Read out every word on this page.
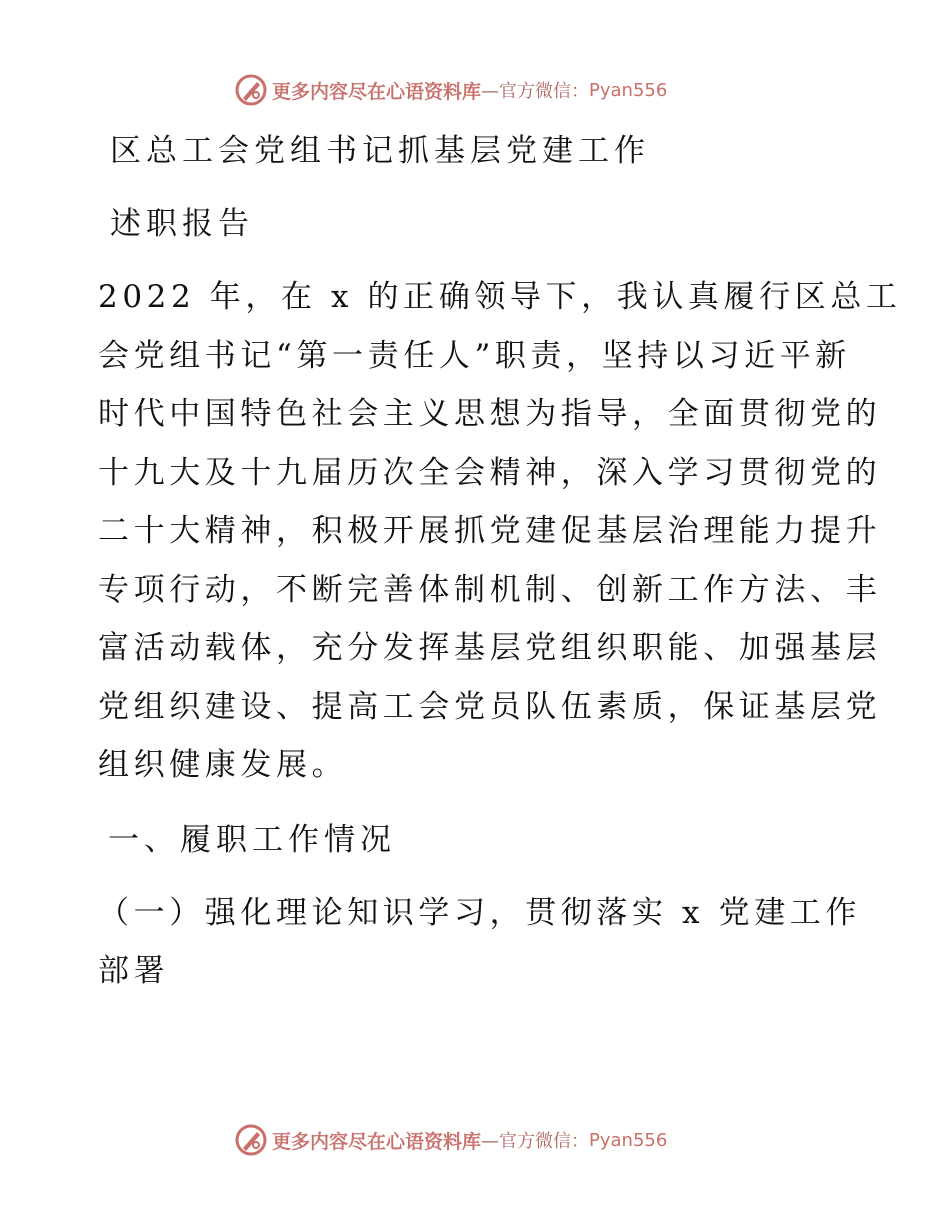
更多内容尽在心语资料库 —官方微信： Pyan556
区总工会党组书记抓基层党建工作
述职报告
2022 年，在 x 的正确领导下，我认真履行区总工
会党组书记“第一责任人”职责，坚持以习近平新
时代中国特色社会主义思想为指导，全面贯彻党的
十九大及十九届历次全会精神，深入学习贯彻党的
二十大精神，积极开展抓党建促基层治理能力提升
专项行动，不断完善体制机制、创新工作方法、丰
富活动载体，充分发挥基层党组织职能、加强基层
党组织建设、提高工会党员队伍素质，保证基层党
组织健康发展。
一、履职工作情况
（一）强化理论知识学习，贯彻落实 x 党建工作
部署
更多内容尽在心语资料库 —官方微信： Pyan556
